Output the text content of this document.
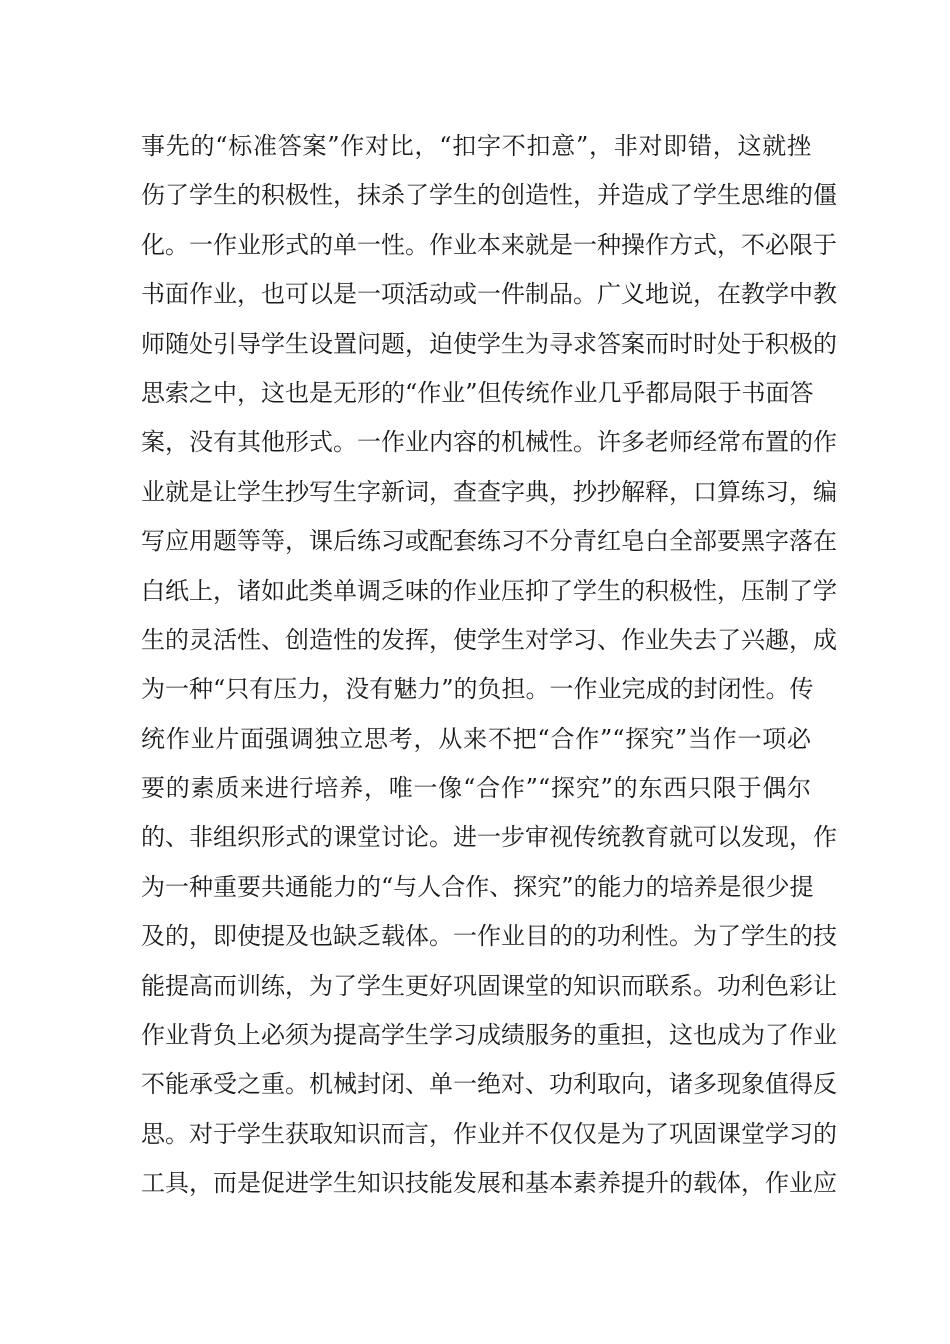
事先的“标准答案”作对比，“扣字不扣意”，非对即错，这就挫
伤了学生的积极性，抹杀了学生的创造性，并造成了学生思维的僵
化。一作业形式的单一性。作业本来就是一种操作方式，不必限于
书面作业，也可以是一项活动或一件制品。广义地说，在教学中教
师随处引导学生设置问题，迫使学生为寻求答案而时时处于积极的
思索之中，这也是无形的“作业”但传统作业几乎都局限于书面答
案，没有其他形式。一作业内容的机械性。许多老师经常布置的作
业就是让学生抄写生字新词，查查字典，抄抄解释，口算练习，编
写应用题等等，课后练习或配套练习不分青红皂白全部要黑字落在
白纸上，诸如此类单调乏味的作业压抑了学生的积极性，压制了学
生的灵活性、创造性的发挥，使学生对学习、作业失去了兴趣，成
为一种“只有压力，没有魅力”的负担。一作业完成的封闭性。传
统作业片面强调独立思考，从来不把“合作”“探究”当作一项必
要的素质来进行培养，唯一像“合作”“探究”的东西只限于偶尔
的、非组织形式的课堂讨论。进一步审视传统教育就可以发现，作
为一种重要共通能力的“与人合作、探究”的能力的培养是很少提
及的，即使提及也缺乏载体。一作业目的的功利性。为了学生的技
能提高而训练，为了学生更好巩固课堂的知识而联系。功利色彩让
作业背负上必须为提高学生学习成绩服务的重担，这也成为了作业
不能承受之重。机械封闭、单一绝对、功利取向，诸多现象值得反
思。对于学生获取知识而言，作业并不仅仅是为了巩固课堂学习的
工具，而是促进学生知识技能发展和基本素养提升的载体，作业应
